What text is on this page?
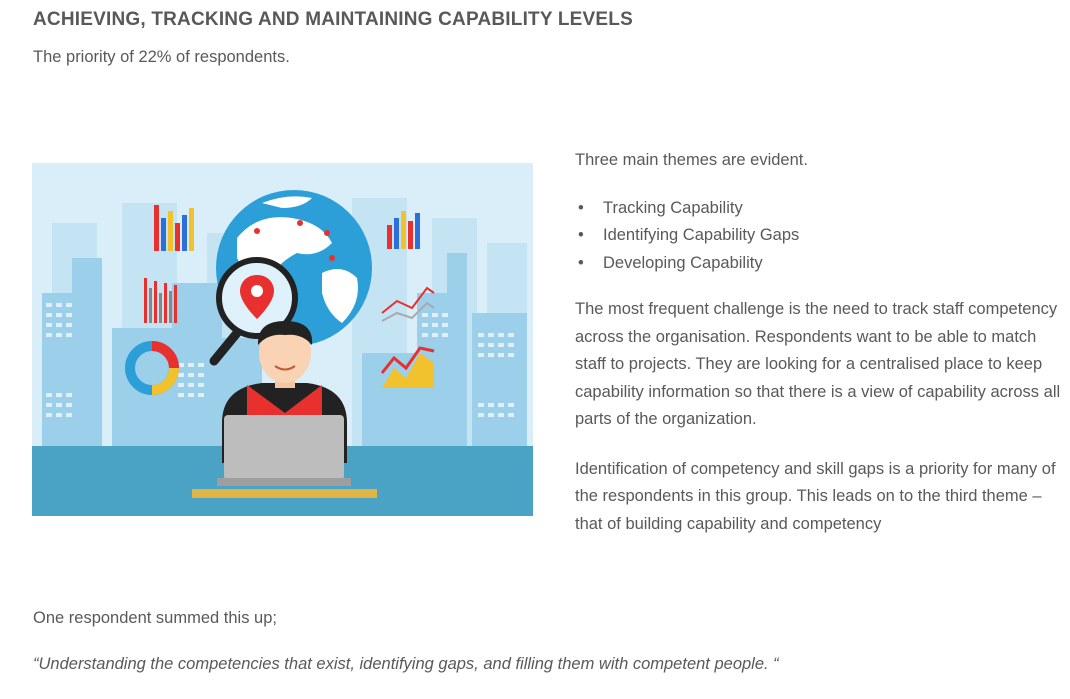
ACHIEVING, TRACKING AND MAINTAINING CAPABILITY LEVELS

The priority of 22% of respondents.

Three main themes are evident.

• Tracking Capability
• Identifying Capability Gaps
• Developing Capability

The most frequent challenge is the need to track staff competency across the organisation. Respondents want to be able to match staff to projects. They are looking for a centralised place to keep capability information so that there is a view of capability across all parts of the organization.

Identification of competency and skill gaps is a priority for many of the respondents in this group. This leads on to the third theme – that of building capability and competency

One respondent summed this up;

“Understanding the competencies that exist, identifying gaps, and filling them with competent people. “
